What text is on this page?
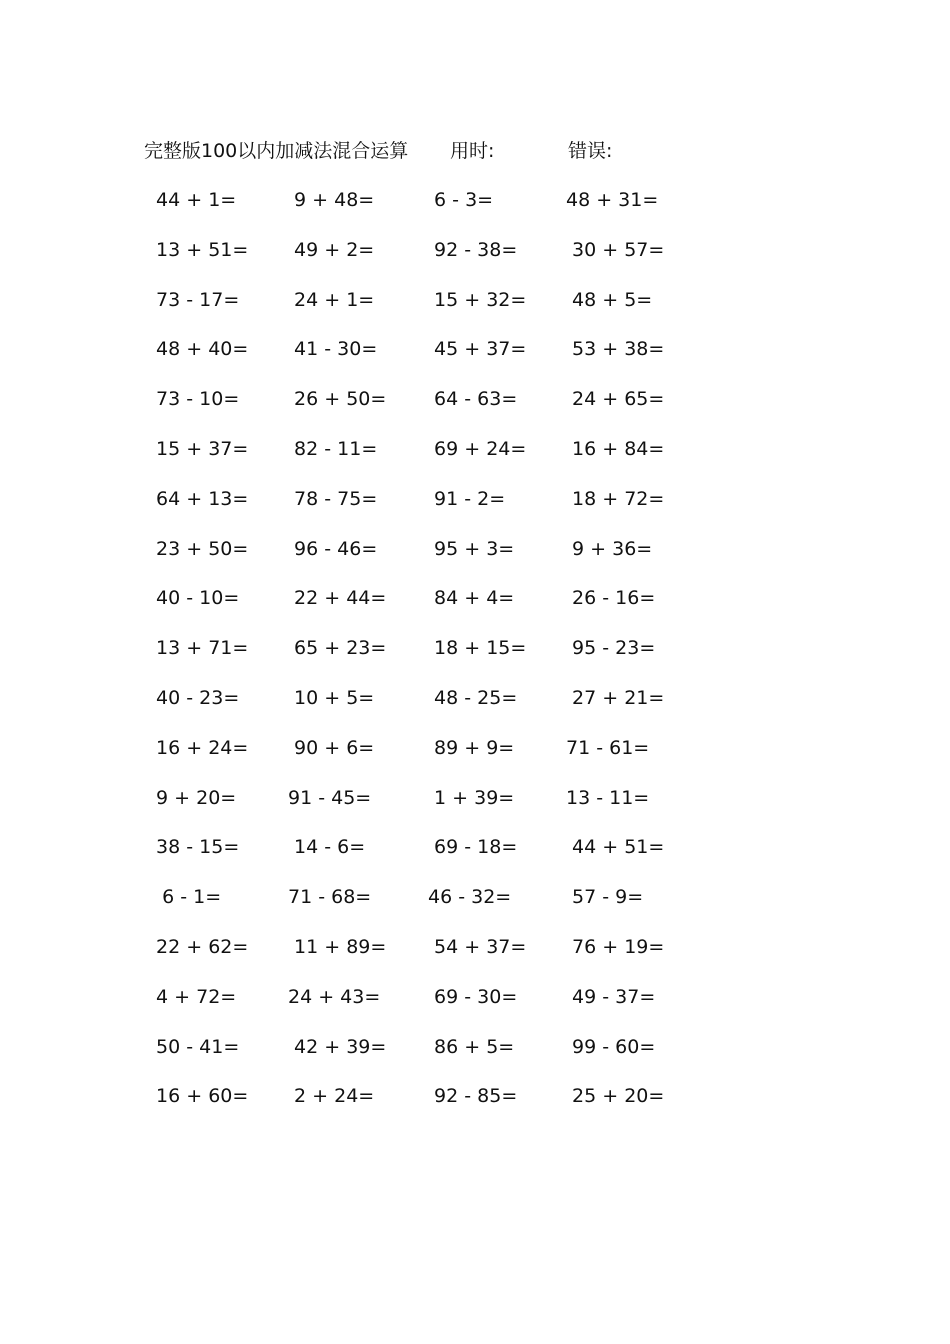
完整版100以内加减法混合运算 用时:	错误:
44 + 1=	9 + 48=	6 - 3=	48 + 31=
13 + 51=	49 + 2=	92 - 38=	30 + 57=
73 - 17=	24 + 1=	15 + 32=	48 + 5=
48 + 40=	41 - 30=	45 + 37=	53 + 38=
73 - 10=	26 + 50=	64 - 63=	24 + 65=
15 + 37=	82 - 11=	69 + 24=	16 + 84=
64 + 13=	78 - 75=	91 - 2=	18 + 72=
23 + 50=	96 - 46=	95 + 3=	9 + 36=
40 - 10=	22 + 44=	84 + 4=	26 - 16=
13 + 71=	65 + 23=	18 + 15=	95 - 23=
40 - 23=	10 + 5=	48 - 25=	27 + 21=
16 + 24=	90 + 6=	89 + 9=	71 - 61=
9 + 20=	91 - 45=	1 + 39=	13 - 11=
38 - 15=	14 - 6=	69 - 18=	44 + 51=
6 - 1=	71 - 68=	46 - 32=	57 - 9=
22 + 62=	11 + 89=	54 + 37=	76 + 19=
4 + 72=	24 + 43=	69 - 30=	49 - 37=
50 - 41=	42 + 39=	86 + 5=	99 - 60=
16 + 60=	2 + 24=	92 - 85=	25 + 20=
